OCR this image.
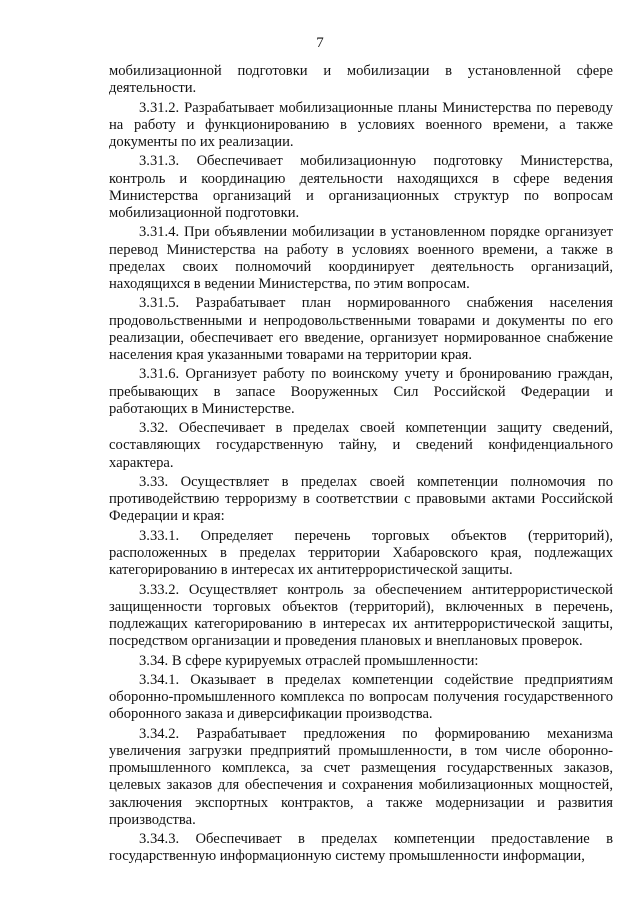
7

мобилизационной подготовки и мобилизации в установленной сфере деятельности.

3.31.2. Разрабатывает мобилизационные планы Министерства по переводу на работу и функционированию в условиях военного времени, а также документы по их реализации.

3.31.3. Обеспечивает мобилизационную подготовку Министерства, контроль и координацию деятельности находящихся в сфере ведения Министерства организаций и организационных структур по вопросам мобилизационной подготовки.

3.31.4. При объявлении мобилизации в установленном порядке организует перевод Министерства на работу в условиях военного времени, а также в пределах своих полномочий координирует деятельность организаций, находящихся в ведении Министерства, по этим вопросам.

3.31.5. Разрабатывает план нормированного снабжения населения продовольственными и непродовольственными товарами и документы по его реализации, обеспечивает его введение, организует нормированное снабжение населения края указанными товарами на территории края.

3.31.6. Организует работу по воинскому учету и бронированию граждан, пребывающих в запасе Вооруженных Сил Российской Федерации и работающих в Министерстве.

3.32. Обеспечивает в пределах своей компетенции защиту сведений, составляющих государственную тайну, и сведений конфиденциального характера.

3.33. Осуществляет в пределах своей компетенции полномочия по противодействию терроризму в соответствии с правовыми актами Российской Федерации и края:

3.33.1. Определяет перечень торговых объектов (территорий), расположенных в пределах территории Хабаровского края, подлежащих категорированию в интересах их антитеррористической защиты.

3.33.2. Осуществляет контроль за обеспечением антитеррористической защищенности торговых объектов (территорий), включенных в перечень, подлежащих категорированию в интересах их антитеррористической защиты, посредством организации и проведения плановых и внеплановых проверок.

3.34. В сфере курируемых отраслей промышленности:

3.34.1. Оказывает в пределах компетенции содействие предприятиям оборонно-промышленного комплекса по вопросам получения государственного оборонного заказа и диверсификации производства.

3.34.2. Разрабатывает предложения по формированию механизма увеличения загрузки предприятий промышленности, в том числе оборонно-промышленного комплекса, за счет размещения государственных заказов, целевых заказов для обеспечения и сохранения мобилизационных мощностей, заключения экспортных контрактов, а также модернизации и развития производства.

3.34.3. Обеспечивает в пределах компетенции предоставление в государственную информационную систему промышленности информации,
